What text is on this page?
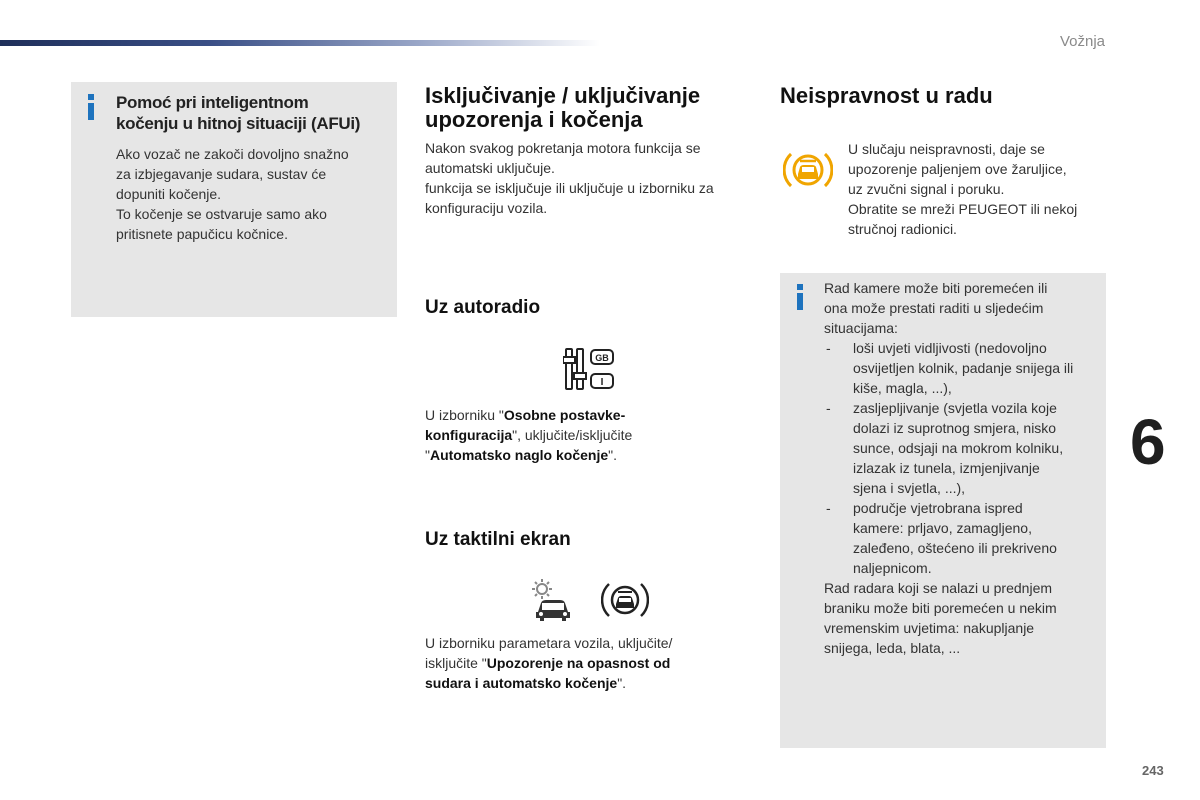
Vožnja
6
243
Pomoć pri inteligentnom
kočenju u hitnoj situaciji (AFUi)

Ako vozač ne zakoči dovoljno snažno

za izbjegavanje sudara, sustav će

dopuniti kočenje.

To kočenje se ostvaruje samo ako

pritisnete papučicu kočnice.

Isključivanje / uključivanje
upozorenja i kočenja

Nakon svakog pokretanja motora funkcija se

automatski uključuje.

funkcija se isključuje ili uključuje u izborniku za

konfiguraciju vozila.

Uz autoradio
GB
I

U izborniku "Osobne postavke-

konfiguracija", uključite/isključite

"Automatsko naglo kočenje".

Uz taktilni ekran

U izborniku parametara vozila, uključite/

isključite "Upozorenje na opasnost od

sudara i automatsko kočenje".

Neispravnost u radu

U slučaju neispravnosti, daje se

upozorenje paljenjem ove žaruljice,

uz zvučni signal i poruku.

Obratite se mreži PEUGEOT ili nekoj

stručnoj radionici.

Rad kamere može biti poremećen ili

ona može prestati raditi u sljedećim

situacijama:

- loši uvjeti vidljivosti (nedovoljno
osvijetljen kolnik, padanje snijega ili
kiše, magla, ...),
- zasljepljivanje (svjetla vozila koje
dolazi iz suprotnog smjera, nisko
sunce, odsjaji na mokrom kolniku,
izlazak iz tunela, izmjenjivanje
sjena i svjetla, ...),
- područje vjetrobrana ispred
kamere: prljavo, zamagljeno,
zaleđeno, oštećeno ili prekriveno
naljepnicom.

Rad radara koji se nalazi u prednjem

braniku može biti poremećen u nekim

vremenskim uvjetima: nakupljanje

snijega, leda, blata, ...
